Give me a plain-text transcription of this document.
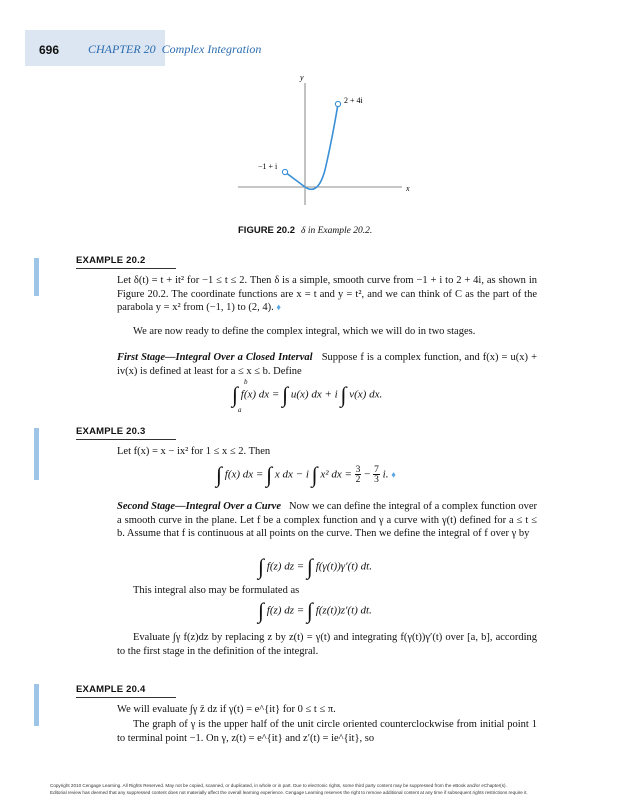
696 CHAPTER 20 Complex Integration
y
x
−1 + i
2 + 4i
FIGURE 20.2 δ in Example 20.2.
EXAMPLE 20.2
Let δ(t) = t + it² for −1 ≤ t ≤ 2. Then δ is a simple, smooth curve from −1 + i to 2 + 4i, as shown in Figure 20.2. The coordinate functions are x = t and y = t², and we can think of C as the part of the parabola y = x² from (−1, 1) to (2, 4). ♦
We are now ready to define the complex integral, which we will do in two stages.
First Stage—Integral Over a Closed Interval Suppose f is a complex function, and f(x) = u(x) + iv(x) is defined at least for a ≤ x ≤ b. Define
∫ b
a
f(x) dx = ∫ u(x) dx + i ∫ v(x) dx.
EXAMPLE 20.3
Let f(x) = x − ix² for 1 ≤ x ≤ 2. Then
∫ f(x) dx = ∫ x dx − i ∫ x² dx = $\frac{3}{2} - \frac{7}{3} i$. ♦
Second Stage—Integral Over a Curve Now we can define the integral of a complex function over a smooth curve in the plane. Let f be a complex function and γ a curve with γ(t) defined for a ≤ t ≤ b. Assume that f is continuous at all points on the curve. Then we define the integral of f over γ by
∫ f(z) dz = ∫ f(γ(t))γ′(t) dt.
This integral also may be formulated as
∫ f(z) dz = ∫ f(z(t))z′(t) dt.
Evaluate ∫γ f(z)dz by replacing z by z(t) = γ(t) and integrating f(γ(t))γ′(t) over [a, b], according to the first stage in the definition of the integral.
EXAMPLE 20.4
We will evaluate ∫γ z̄ dz if γ(t) = e^{it} for 0 ≤ t ≤ π.
The graph of γ is the upper half of the unit circle oriented counterclockwise from initial point 1 to terminal point −1. On γ, z(t) = e^{it} and z′(t) = ie^{it}, so
Copyright 2010 Cengage Learning. All Rights Reserved. May not be copied, scanned, or duplicated, in whole or in part. Due to electronic rights, some third party content may be suppressed from the eBook and/or eChapter(s).
Editorial review has deemed that any suppressed content does not materially affect the overall learning experience. Cengage Learning reserves the right to remove additional content at any time if subsequent rights restrictions require it.
